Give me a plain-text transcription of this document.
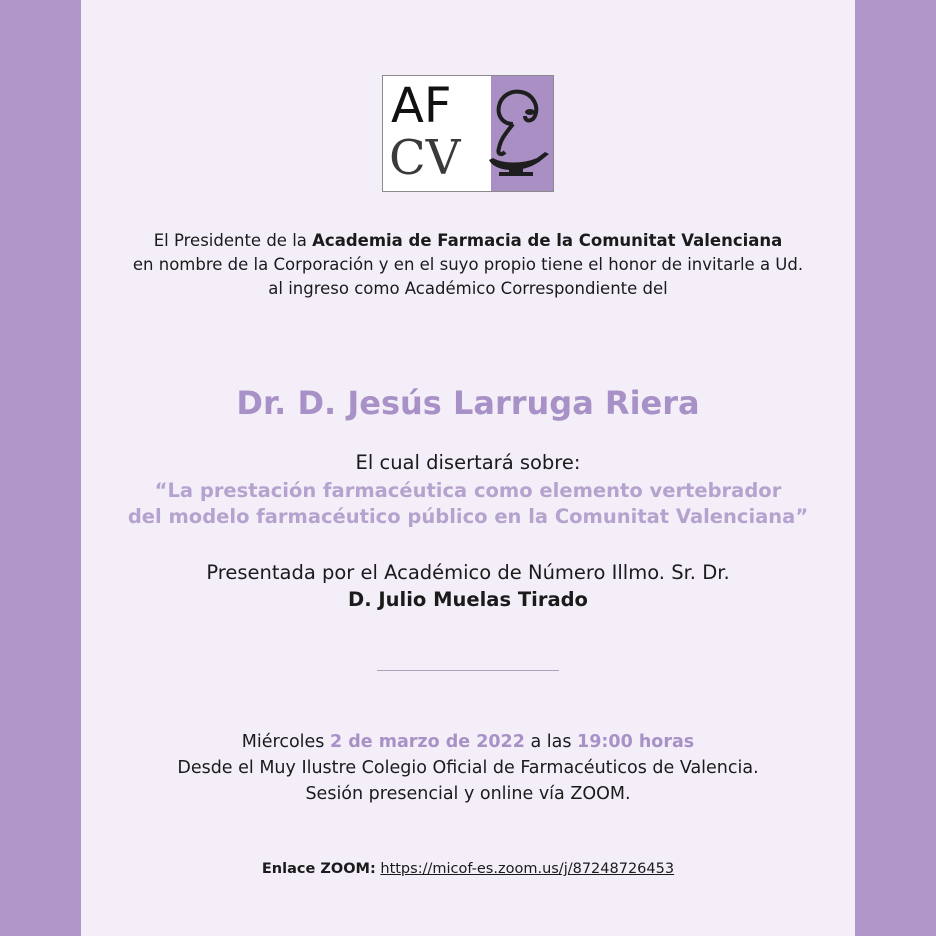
AF
CV
El Presidente de la Academia de Farmacia de la Comunitat Valenciana
en nombre de la Corporación y en el suyo propio tiene el honor de invitarle a Ud.
al ingreso como Académico Correspondiente del
Dr. D. Jesús Larruga Riera
El cual disertará sobre:
“La prestación farmacéutica como elemento vertebrador
del modelo farmacéutico público en la Comunitat Valenciana”
Presentada por el Académico de Número Illmo. Sr. Dr.
D. Julio Muelas Tirado
Miércoles 2 de marzo de 2022 a las 19:00 horas
Desde el Muy Ilustre Colegio Oficial de Farmacéuticos de Valencia.
Sesión presencial y online vía ZOOM.
Enlace ZOOM: https://micof-es.zoom.us/j/87248726453
